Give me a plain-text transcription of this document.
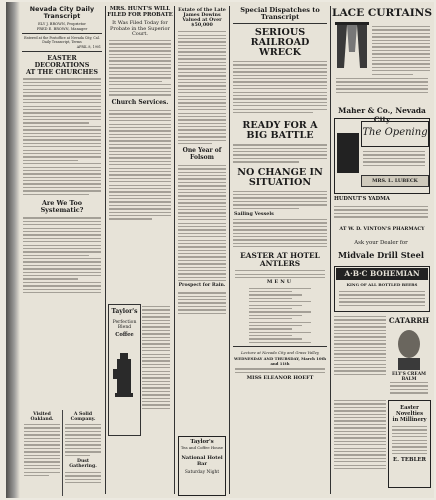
Nevada City Daily Transcript
ELY J. BROWN, Proprietor
FRED E. BROWN, Manager
Entered at the Postoffice at Nevada City, Cal.
Daily Transcript, Terms
APRIL 8, 1901
EASTER DECORATIONS
AT THE CHURCHES
Are We Too Systematic?
Visited Oakland.
A Solid Company.
Dust Gathering.
MRS. HUNT'S WILL FILED FOR PROBATE
It Was Filed Today for Probate in the Superior Court.
Church Services.
Taylor's
Perfection
Blend
Coffee
Estate of the Late James Dowins Valued at Over $50,000
One Year of Folsom
Prospect for Rain.
Taylor's
Tea and Coffee House
National Hotel Bar
Saturday Night
Special Dispatches to Transcript
SERIOUS RAILROAD WRECK
READY FOR A BIG BATTLE
NO CHANGE IN SITUATION
Sailing Vessels
EASTER AT HOTEL ANTLERS
MENU
Lecture at Nevada City and Grass Valley
WEDNESDAY AND THURSDAY, March 10th and 11th
MISS ELEANOR HOEFT
LACE CURTAINS
Maher & Co., Nevada City
The Opening
MRS. L. LUBECK
HUDNUT'S YADMA
AT W. D. VINTON'S PHARMACY
Ask your Dealer for
Midvale Drill Steel
A·B·C BOHEMIAN
KING OF ALL BOTTLED BEERS
CATARRH
ELY'S CREAM BALM
Easter Novelties
in Millinery
E. TEBLER
